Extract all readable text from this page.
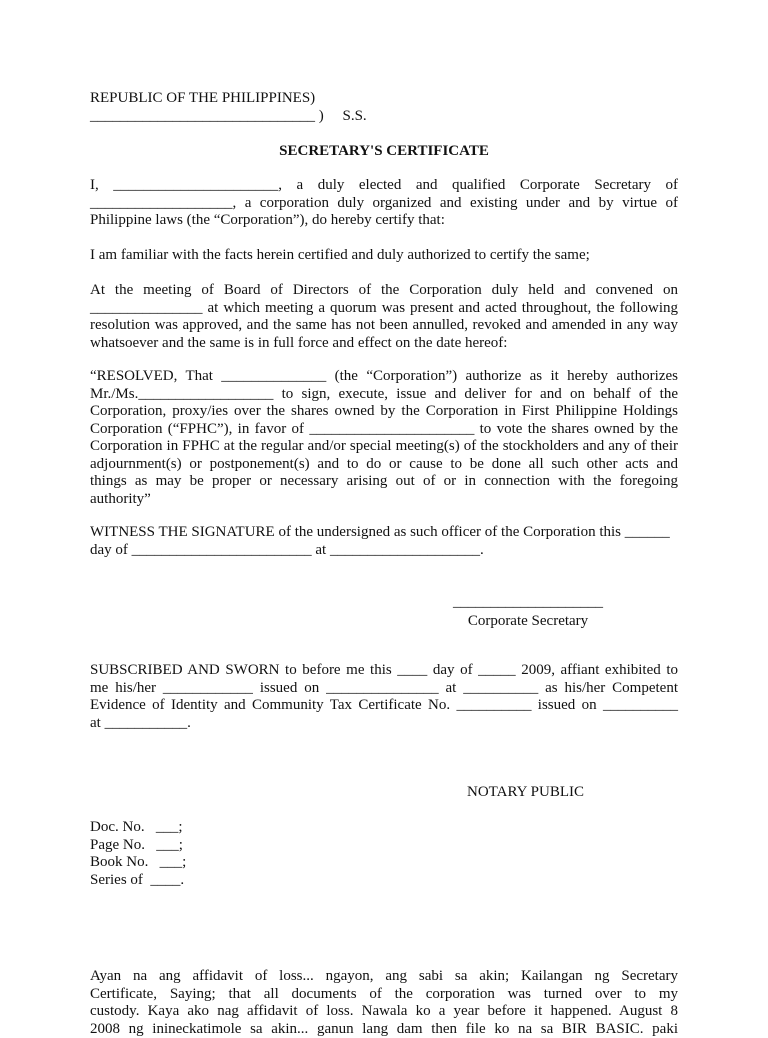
REPUBLIC OF THE PHILIPPINES)
______________________________ )     S.S.
SECRETARY'S CERTIFICATE
I, ______________________, a duly elected and qualified Corporate Secretary of
___________________, a corporation duly organized and existing under and by virtue of
Philippine laws (the “Corporation”), do hereby certify that:
I am familiar with the facts herein certified and duly authorized to certify the same;
At the meeting of Board of Directors of the Corporation duly held and convened on
_______________ at which meeting a quorum was present and acted throughout, the following
resolution was approved, and the same has not been annulled, revoked and amended in any way
whatsoever and the same is in full force and effect on the date hereof:
“RESOLVED, That ______________ (the “Corporation”) authorize as it hereby authorizes
Mr./Ms.__________________ to sign, execute, issue and deliver for and on behalf of the
Corporation, proxy/ies over the shares owned by the Corporation in First Philippine Holdings
Corporation (“FPHC”), in favor of ______________________ to vote the shares owned by the
Corporation in FPHC at the regular and/or special meeting(s) of the stockholders and any of their
adjournment(s) or postponement(s) and to do or cause to be done all such other acts and
things as may be proper or necessary arising out of or in connection with the foregoing
authority”
WITNESS THE SIGNATURE of the undersigned as such officer of the Corporation this ______
day of ________________________ at ____________________.
____________________
Corporate Secretary
SUBSCRIBED AND SWORN to before me this ____ day of _____ 2009, affiant exhibited to
me his/her ____________ issued on _______________ at __________ as his/her Competent
Evidence of Identity and Community Tax Certificate No. __________ issued on __________
at ___________.
NOTARY PUBLIC
Doc. No.   ___;
Page No.   ___;
Book No.   ___;
Series of  ____.
Ayan na ang affidavit of loss... ngayon, ang sabi sa akin; Kailangan ng Secretary
Certificate, Saying; that all documents of the corporation was turned over to my
custody. Kaya ako nag affidavit of loss. Nawala ko a year before it happened. August 8
2008 ng inineckatimole sa akin... ganun lang dam then file ko na sa BIR BASIC. paki
